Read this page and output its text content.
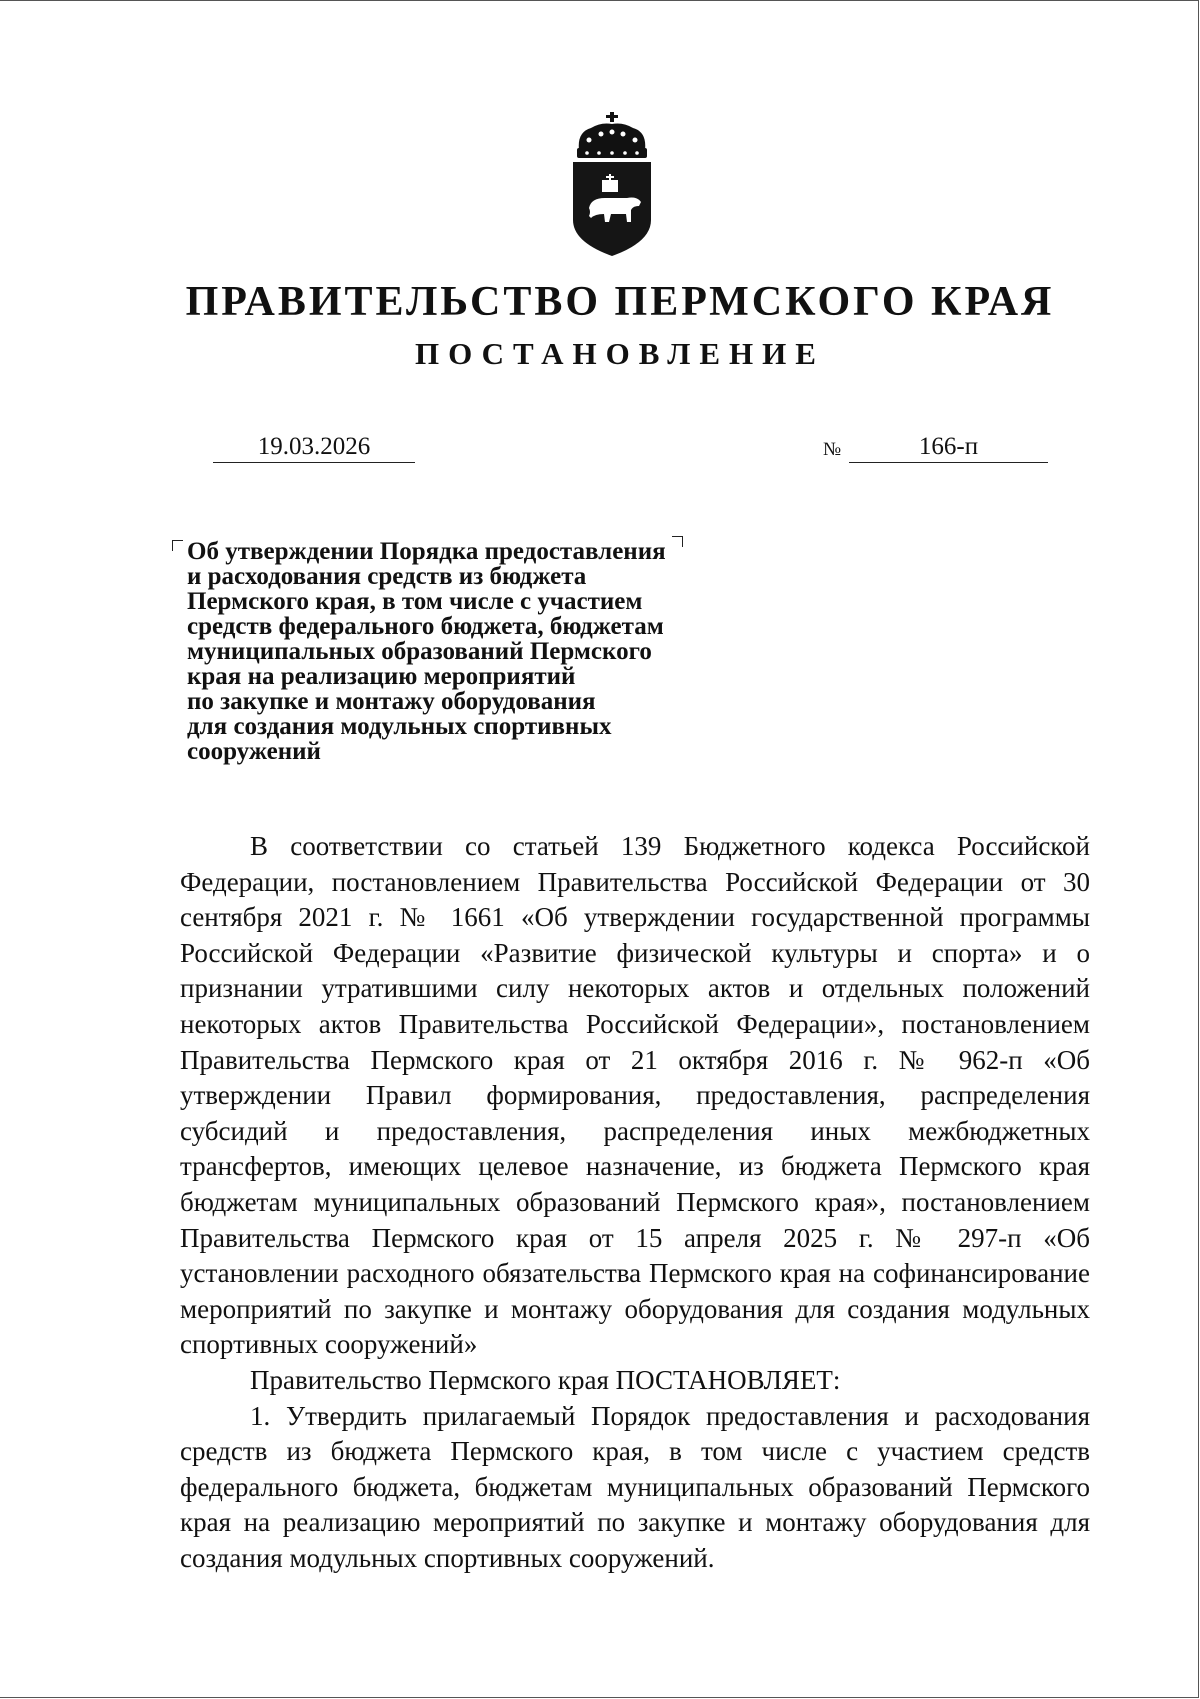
ПРАВИТЕЛЬСТВО ПЕРМСКОГО КРАЯ
ПОСТАНОВЛЕНИЕ
19.03.2026	№	166-п
Об утверждении Порядка предоставления
и расходования средств из бюджета
Пермского края, в том числе с участием
средств федерального бюджета, бюджетам
муниципальных образований Пермского
края на реализацию мероприятий
по закупке и монтажу оборудования
для создания модульных спортивных
сооружений

В соответствии со статьей 139 Бюджетного кодекса Российской Федерации, постановлением Правительства Российской Федерации от 30 сентября 2021 г. № 1661 «Об утверждении государственной программы Российской Федерации «Развитие физической культуры и спорта» и о признании утратившими силу некоторых актов и отдельных положений некоторых актов Правительства Российской Федерации», постановлением Правительства Пермского края от 21 октября 2016 г. № 962-п «Об утверждении Правил формирования, предоставления, распределения субсидий и предоставления, распределения иных межбюджетных трансфертов, имеющих целевое назначение, из бюджета Пермского края бюджетам муниципальных образований Пермского края», постановлением Правительства Пермского края от 15 апреля 2025 г. № 297-п «Об установлении расходного обязательства Пермского края на софинансирование мероприятий по закупке и монтажу оборудования для создания модульных спортивных сооружений»

Правительство Пермского края ПОСТАНОВЛЯЕТ:

1. Утвердить прилагаемый Порядок предоставления и расходования средств из бюджета Пермского края, в том числе с участием средств федерального бюджета, бюджетам муниципальных образований Пермского края на реализацию мероприятий по закупке и монтажу оборудования для создания модульных спортивных сооружений.
